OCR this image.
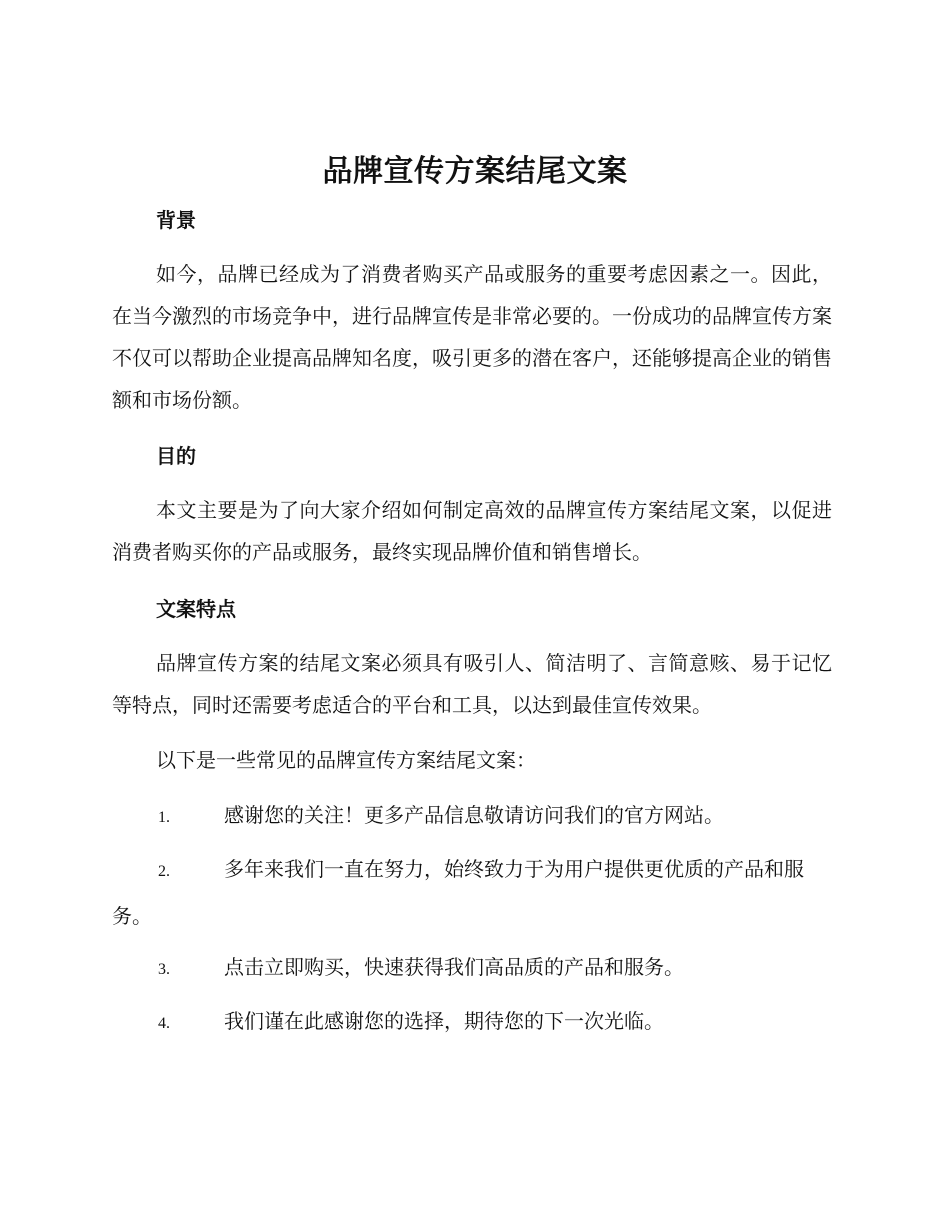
品牌宣传方案结尾文案
背景

如今，品牌已经成为了消费者购买产品或服务的重要考虑因素之一。因此，在当今激烈的市场竞争中，进行品牌宣传是非常必要的。一份成功的品牌宣传方案不仅可以帮助企业提高品牌知名度，吸引更多的潜在客户，还能够提高企业的销售额和市场份额。

目的

本文主要是为了向大家介绍如何制定高效的品牌宣传方案结尾文案，以促进消费者购买你的产品或服务，最终实现品牌价值和销售增长。

文案特点

品牌宣传方案的结尾文案必须具有吸引人、简洁明了、言简意赅、易于记忆等特点，同时还需要考虑适合的平台和工具，以达到最佳宣传效果。

以下是一些常见的品牌宣传方案结尾文案：

1.	感谢您的关注！更多产品信息敬请访问我们的官方网站。

2.	多年来我们一直在努力，始终致力于为用户提供更优质的产品和服务。

3.	点击立即购买，快速获得我们高品质的产品和服务。

4.	我们谨在此感谢您的选择，期待您的下一次光临。
